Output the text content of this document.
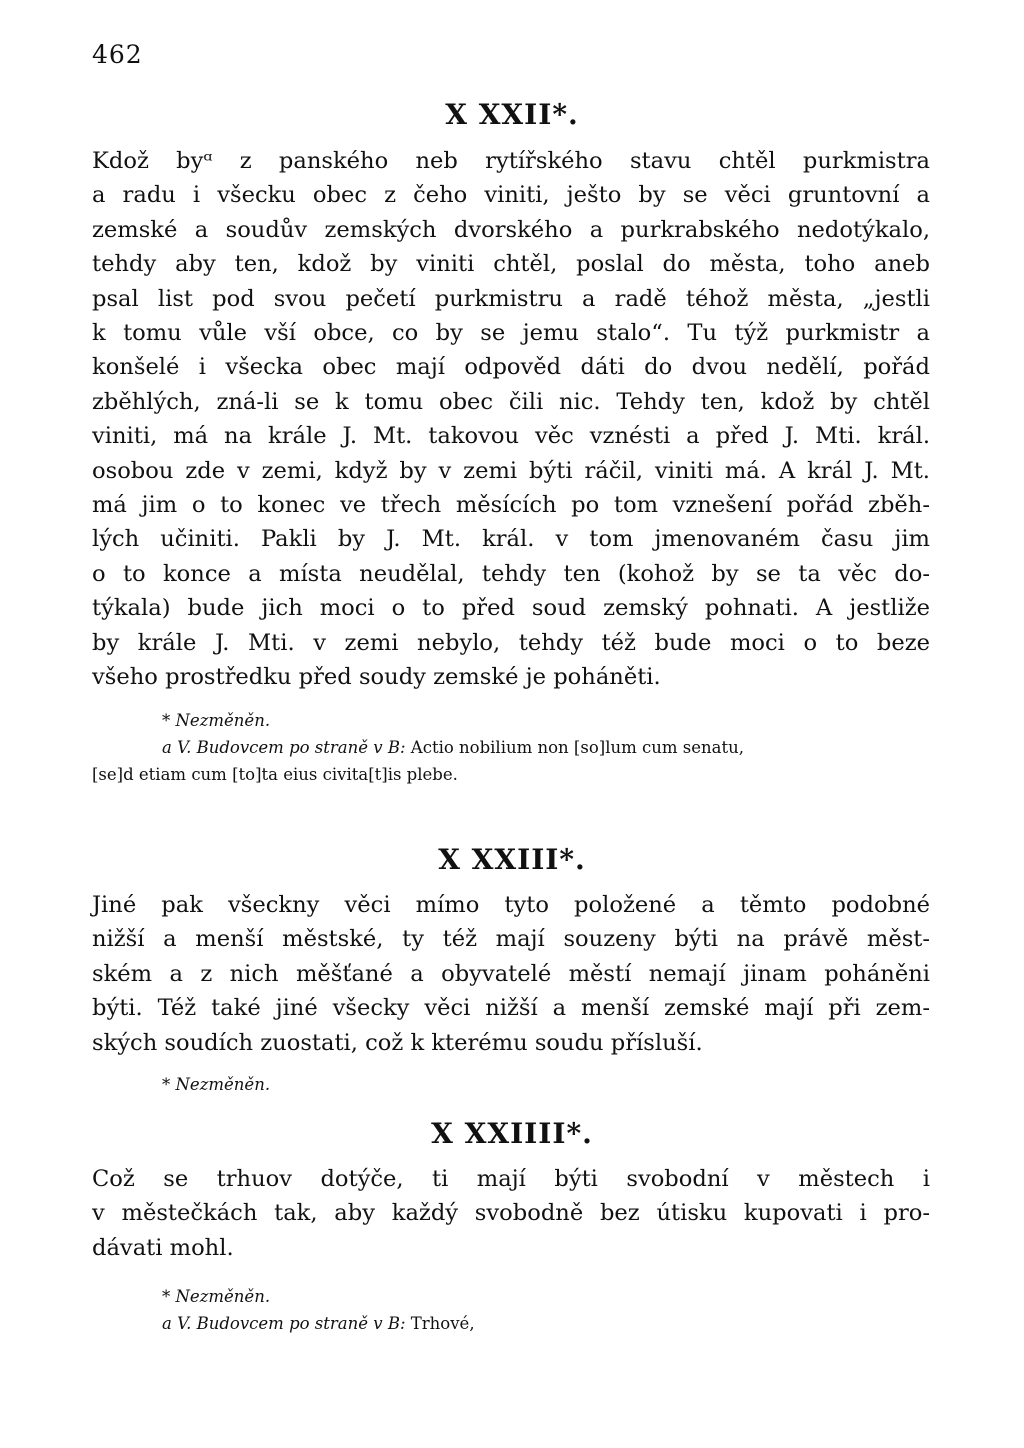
462
X XXII*.
Kdož byᵅ z panského neb rytířského stavu chtěl purkmistra
a radu i všecku obec z čeho viniti, ješto by se věci gruntovní a
zemské a soudův zemských dvorského a purkrabského nedotýkalo,
tehdy aby ten, kdož by viniti chtěl, poslal do města, toho aneb
psal list pod svou pečetí purkmistru a radě téhož města, „jestli
k tomu vůle vší obce, co by se jemu stalo“. Tu týž purkmistr a
konšelé i všecka obec mají odpověd dáti do dvou nedělí, pořád
zběhlých, zná-li se k tomu obec čili nic. Tehdy ten, kdož by chtěl
viniti, má na krále J. Mt. takovou věc vznésti a před J. Mti. král.
osobou zde v zemi, když by v zemi býti ráčil, viniti má. A král J. Mt.
má jim o to konec ve třech měsících po tom vznešení pořád zběh-
lých učiniti. Pakli by J. Mt. král. v tom jmenovaném času jim
o to konce a místa neudělal, tehdy ten (kohož by se ta věc do-
týkala) bude jich moci o to před soud zemský pohnati. A jestliže
by krále J. Mti. v zemi nebylo, tehdy též bude moci o to beze
všeho prostředku před soudy zemské je poháněti.
* Nezměněn.
a V. Budovcem po straně v B: Actio nobilium non [so]lum cum senatu,
[se]d etiam cum [to]ta eius civita[t]is plebe.
X XXIII*.
Jiné pak všeckny věci mímo tyto položené a těmto podobné
nižší a menší městské, ty též mají souzeny býti na právě měst-
ském a z nich měšťané a obyvatelé městí nemají jinam poháněni
býti. Též také jiné všecky věci nižší a menší zemské mají při zem-
ských soudích zuostati, což k kterému soudu přísluší.
* Nezměněn.
X XXIIII*.
Což se trhuov dotýče, ti mají býti svobodní v městech i
v městečkách tak, aby každý svobodně bez útisku kupovati i pro-
dávati mohl.
* Nezměněn.
a V. Budovcem po straně v B: Trhové,
